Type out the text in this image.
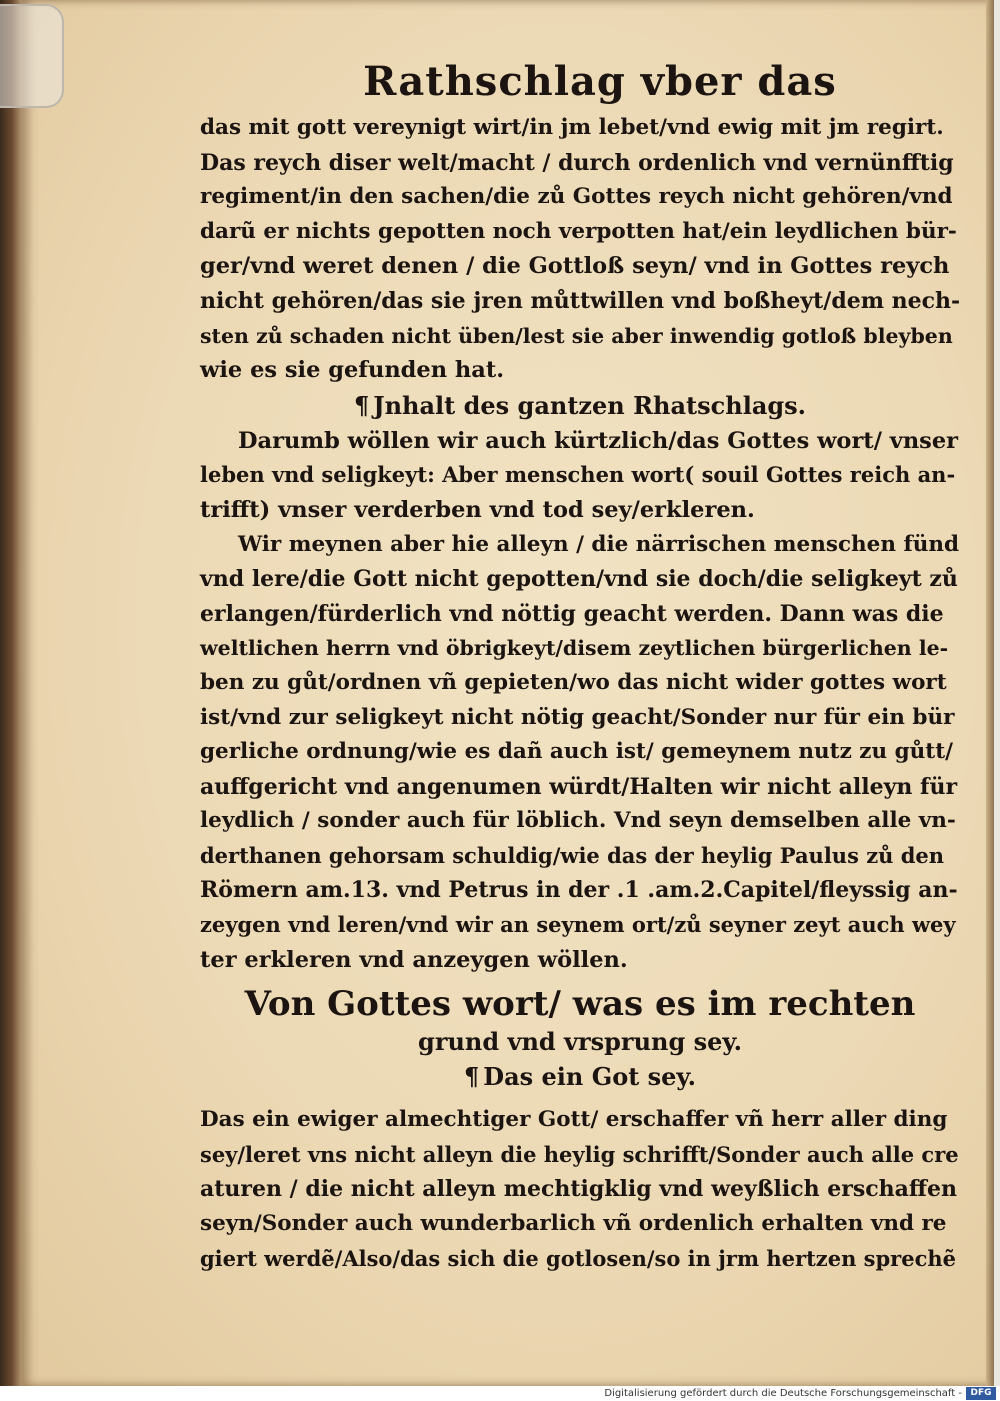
Rathschlag vber das
das mit gott vereynigt wirt/in jm lebet/vnd ewig mit jm regirt.
Das reych diser welt/macht / durch ordenlich vnd vernünfftig
regiment/in den sachen/die zů Gottes reych nicht gehören/vnd
darũ er nichts gepotten noch verpotten hat/ein leydlichen bür-
ger/vnd weret denen / die Gottloß seyn/ vnd in Gottes reych
nicht gehören/das sie jren můttwillen vnd boßheyt/dem nech-
sten zů schaden nicht üben/lest sie aber inwendig gotloß bleyben
wie es sie gefunden hat.
¶ Jnhalt des gantzen Rhatschlags.
Darumb wöllen wir auch kürtzlich/das Gottes wort/ vnser
leben vnd seligkeyt: Aber menschen wort( souil Gottes reich an-
trifft) vnser verderben vnd tod sey/erkleren.
Wir meynen aber hie alleyn / die närrischen menschen fünd
vnd lere/die Gott nicht gepotten/vnd sie doch/die seligkeyt zů
erlangen/fürderlich vnd nöttig geacht werden. Dann was die
weltlichen herrn vnd öbrigkeyt/disem zeytlichen bürgerlichen le-
ben zu gůt/ordnen vñ gepieten/wo das nicht wider gottes wort
ist/vnd zur seligkeyt nicht nötig geacht/Sonder nur für ein bür
gerliche ordnung/wie es dañ auch ist/ gemeynem nutz zu gůtt/
auffgericht vnd angenumen würdt/Halten wir nicht alleyn für
leydlich / sonder auch für löblich. Vnd seyn demselben alle vn-
derthanen gehorsam schuldig/wie das der heylig Paulus zů den
Römern am.13. vnd Petrus in der .1 .am.2.Capitel/fleyssig an-
zeygen vnd leren/vnd wir an seynem ort/zů seyner zeyt auch wey
ter erkleren vnd anzeygen wöllen.
Von Gottes wort/ was es im rechten
grund vnd vrsprung sey.
¶ Das ein Got sey.
Das ein ewiger almechtiger Gott/ erschaffer vñ herr aller ding
sey/leret vns nicht alleyn die heylig schrifft/Sonder auch alle cre
aturen / die nicht alleyn mechtigklig vnd weyßlich erschaffen
seyn/Sonder auch wunderbarlich vñ ordenlich erhalten vnd re
giert werdẽ/Also/das sich die gotlosen/so in jrm hertzen sprechẽ
Digitalisierung gefördert durch die Deutsche Forschungsgemeinschaft - DFG
